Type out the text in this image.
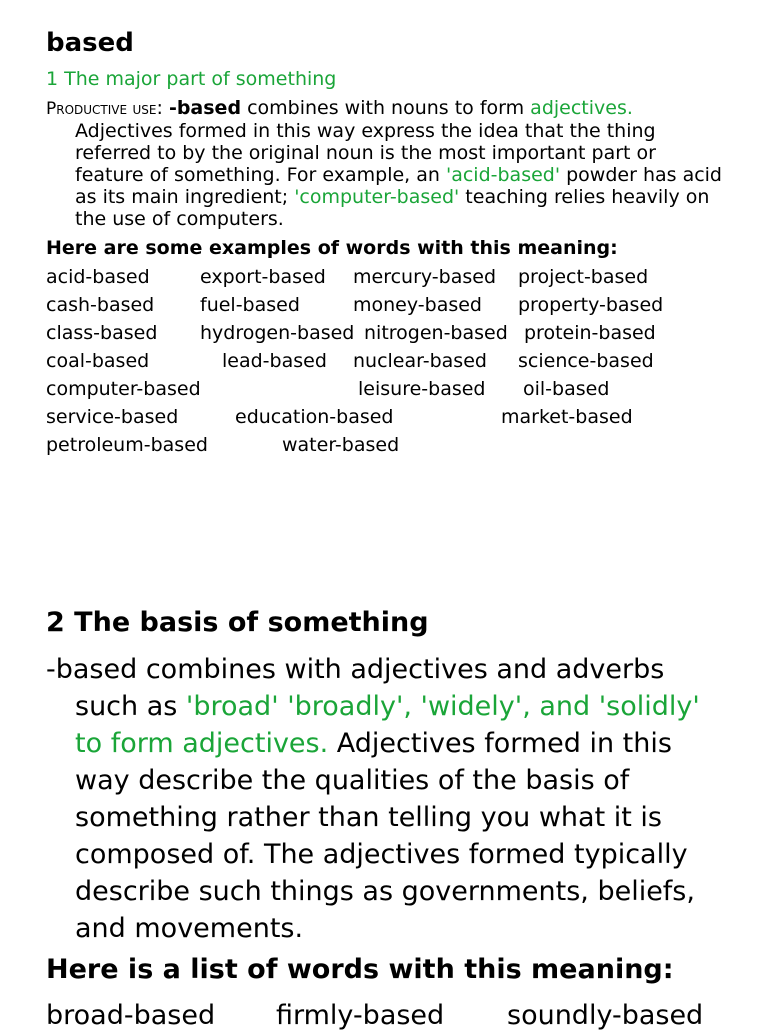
based
1 The major part of something
Productive use: -based combines with nouns to form adjectives.
Adjectives formed in this way express the idea that the thing
referred to by the original noun is the most important part or
feature of something. For example, an 'acid-based' powder has acid
as its main ingredient; 'computer-based' teaching relies heavily on
the use of computers.
Here are some examples of words with this meaning:
acid-based	export-based mercury-based project-based
cash-based fuel-based	money-based property-based
class-based hydrogen-based nitrogen-based protein-based
coal-based	lead-based nuclear-based science-based
computer-based	leisure-based oil-based
service-based	education-based	market-based
petroleum-based	water-based
2 The basis of something
-based combines with adjectives and adverbs
such as 'broad' 'broadly', 'widely', and 'solidly'
to form adjectives. Adjectives formed in this
way describe the qualities of the basis of
something rather than telling you what it is
composed of. The adjectives formed typically
describe such things as governments, beliefs,
and movements.
Here is a list of words with this meaning:
broad-based firmly-based soundly-based
